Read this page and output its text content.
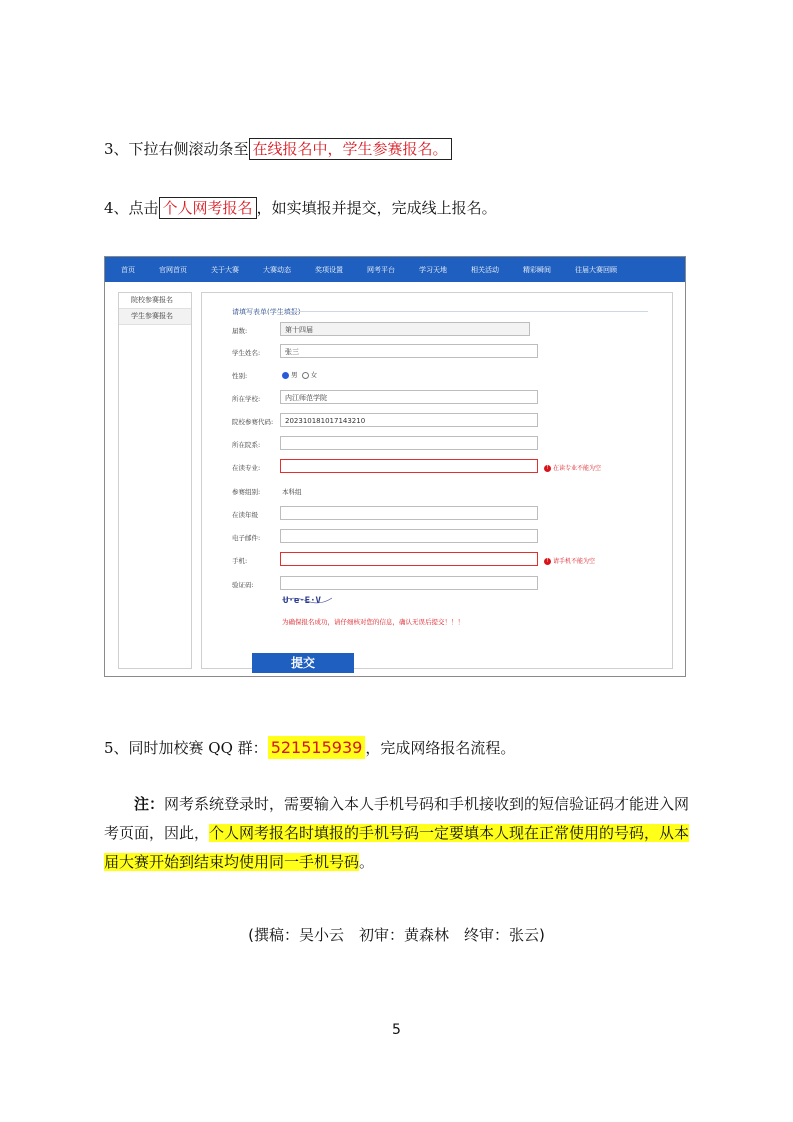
3、下拉右侧滚动条至 在线报名中，学生参赛报名。
4、点击 个人网考报名 ，如实填报并提交，完成线上报名。
首页	官网首页	关于大赛	大赛动态	奖项设置	网考平台	学习天地	相关活动	精彩瞬间	往届大赛回顾
院校参赛报名
学生参赛报名	请填写表单(学生填报)
届数:	第十四届
学生姓名:	张三
性别:	男 女
所在学校:	内江师范学院
院校参赛代码:	20231018101714321​0
所在院系:
在读专业:	! 在读专业不能为空
参赛组别:	本科组
在读年级
电子邮件:
手机:	! 请手机不能为空
验证码:
U·e·E·V
为确保报名成功，请仔细核对您的信息，确认无误后提交！！！
提交
5、同时加校赛 QQ 群： 521515939 ，完成网络报名流程。

注：网考系统登录时，需要输入本人手机号码和手机接收到的短信验证码才能进入网考页面，因此，个人网考报名时填报的手机号码一定要填本人现在正常使用的号码，从本届大赛开始到结束均使用同一手机号码。

(撰稿：吴小云　初审：黄森林　终审：张云)
5
